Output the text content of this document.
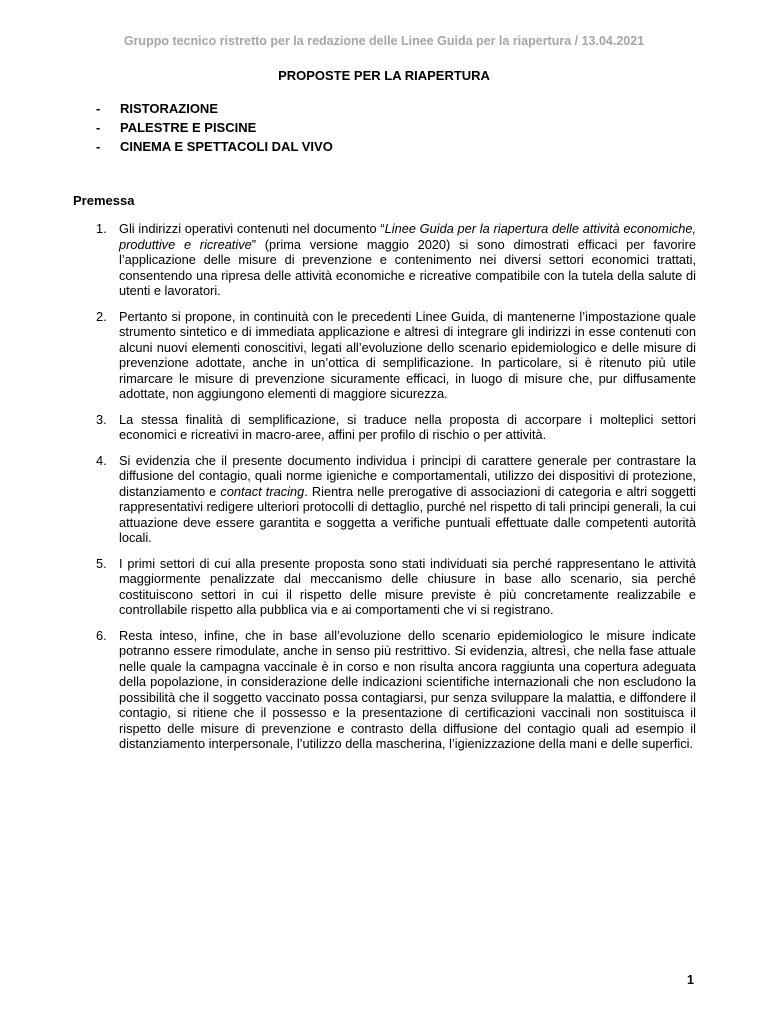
Gruppo tecnico ristretto per la redazione delle Linee Guida per la riapertura / 13.04.2021
PROPOSTE PER LA RIAPERTURA
-	RISTORAZIONE
-	PALESTRE E PISCINE
-	CINEMA E SPETTACOLI DAL VIVO
Premessa
1. Gli indirizzi operativi contenuti nel documento “Linee Guida per la riapertura delle attività economiche, produttive e ricreative” (prima versione maggio 2020) si sono dimostrati efficaci per favorire l’applicazione delle misure di prevenzione e contenimento nei diversi settori economici trattati, consentendo una ripresa delle attività economiche e ricreative compatibile con la tutela della salute di utenti e lavoratori.
2. Pertanto si propone, in continuità con le precedenti Linee Guida, di mantenerne l’impostazione quale strumento sintetico e di immediata applicazione e altresì di integrare gli indirizzi in esse contenuti con alcuni nuovi elementi conoscitivi, legati all’evoluzione dello scenario epidemiologico e delle misure di prevenzione adottate, anche in un’ottica di semplificazione. In particolare, si è ritenuto più utile rimarcare le misure di prevenzione sicuramente efficaci, in luogo di misure che, pur diffusamente adottate, non aggiungono elementi di maggiore sicurezza.
3. La stessa finalità di semplificazione, si traduce nella proposta di accorpare i molteplici settori economici e ricreativi in macro-aree, affini per profilo di rischio o per attività.
4. Si evidenzia che il presente documento individua i principi di carattere generale per contrastare la diffusione del contagio, quali norme igieniche e comportamentali, utilizzo dei dispositivi di protezione, distanziamento e contact tracing. Rientra nelle prerogative di associazioni di categoria e altri soggetti rappresentativi redigere ulteriori protocolli di dettaglio, purché nel rispetto di tali principi generali, la cui attuazione deve essere garantita e soggetta a verifiche puntuali effettuate dalle competenti autorità locali.
5. I primi settori di cui alla presente proposta sono stati individuati sia perché rappresentano le attività maggiormente penalizzate dal meccanismo delle chiusure in base allo scenario, sia perché costituiscono settori in cui il rispetto delle misure previste è più concretamente realizzabile e controllabile rispetto alla pubblica via e ai comportamenti che vi si registrano.
6. Resta inteso, infine, che in base all’evoluzione dello scenario epidemiologico le misure indicate potranno essere rimodulate, anche in senso più restrittivo. Si evidenzia, altresì, che nella fase attuale nelle quale la campagna vaccinale è in corso e non risulta ancora raggiunta una copertura adeguata della popolazione, in considerazione delle indicazioni scientifiche internazionali che non escludono la possibilità che il soggetto vaccinato possa contagiarsi, pur senza sviluppare la malattia, e diffondere il contagio, si ritiene che il possesso e la presentazione di certificazioni vaccinali non sostituisca il rispetto delle misure di prevenzione e contrasto della diffusione del contagio quali ad esempio il distanziamento interpersonale, l’utilizzo della mascherina, l’igienizzazione della mani e delle superfici.
1
